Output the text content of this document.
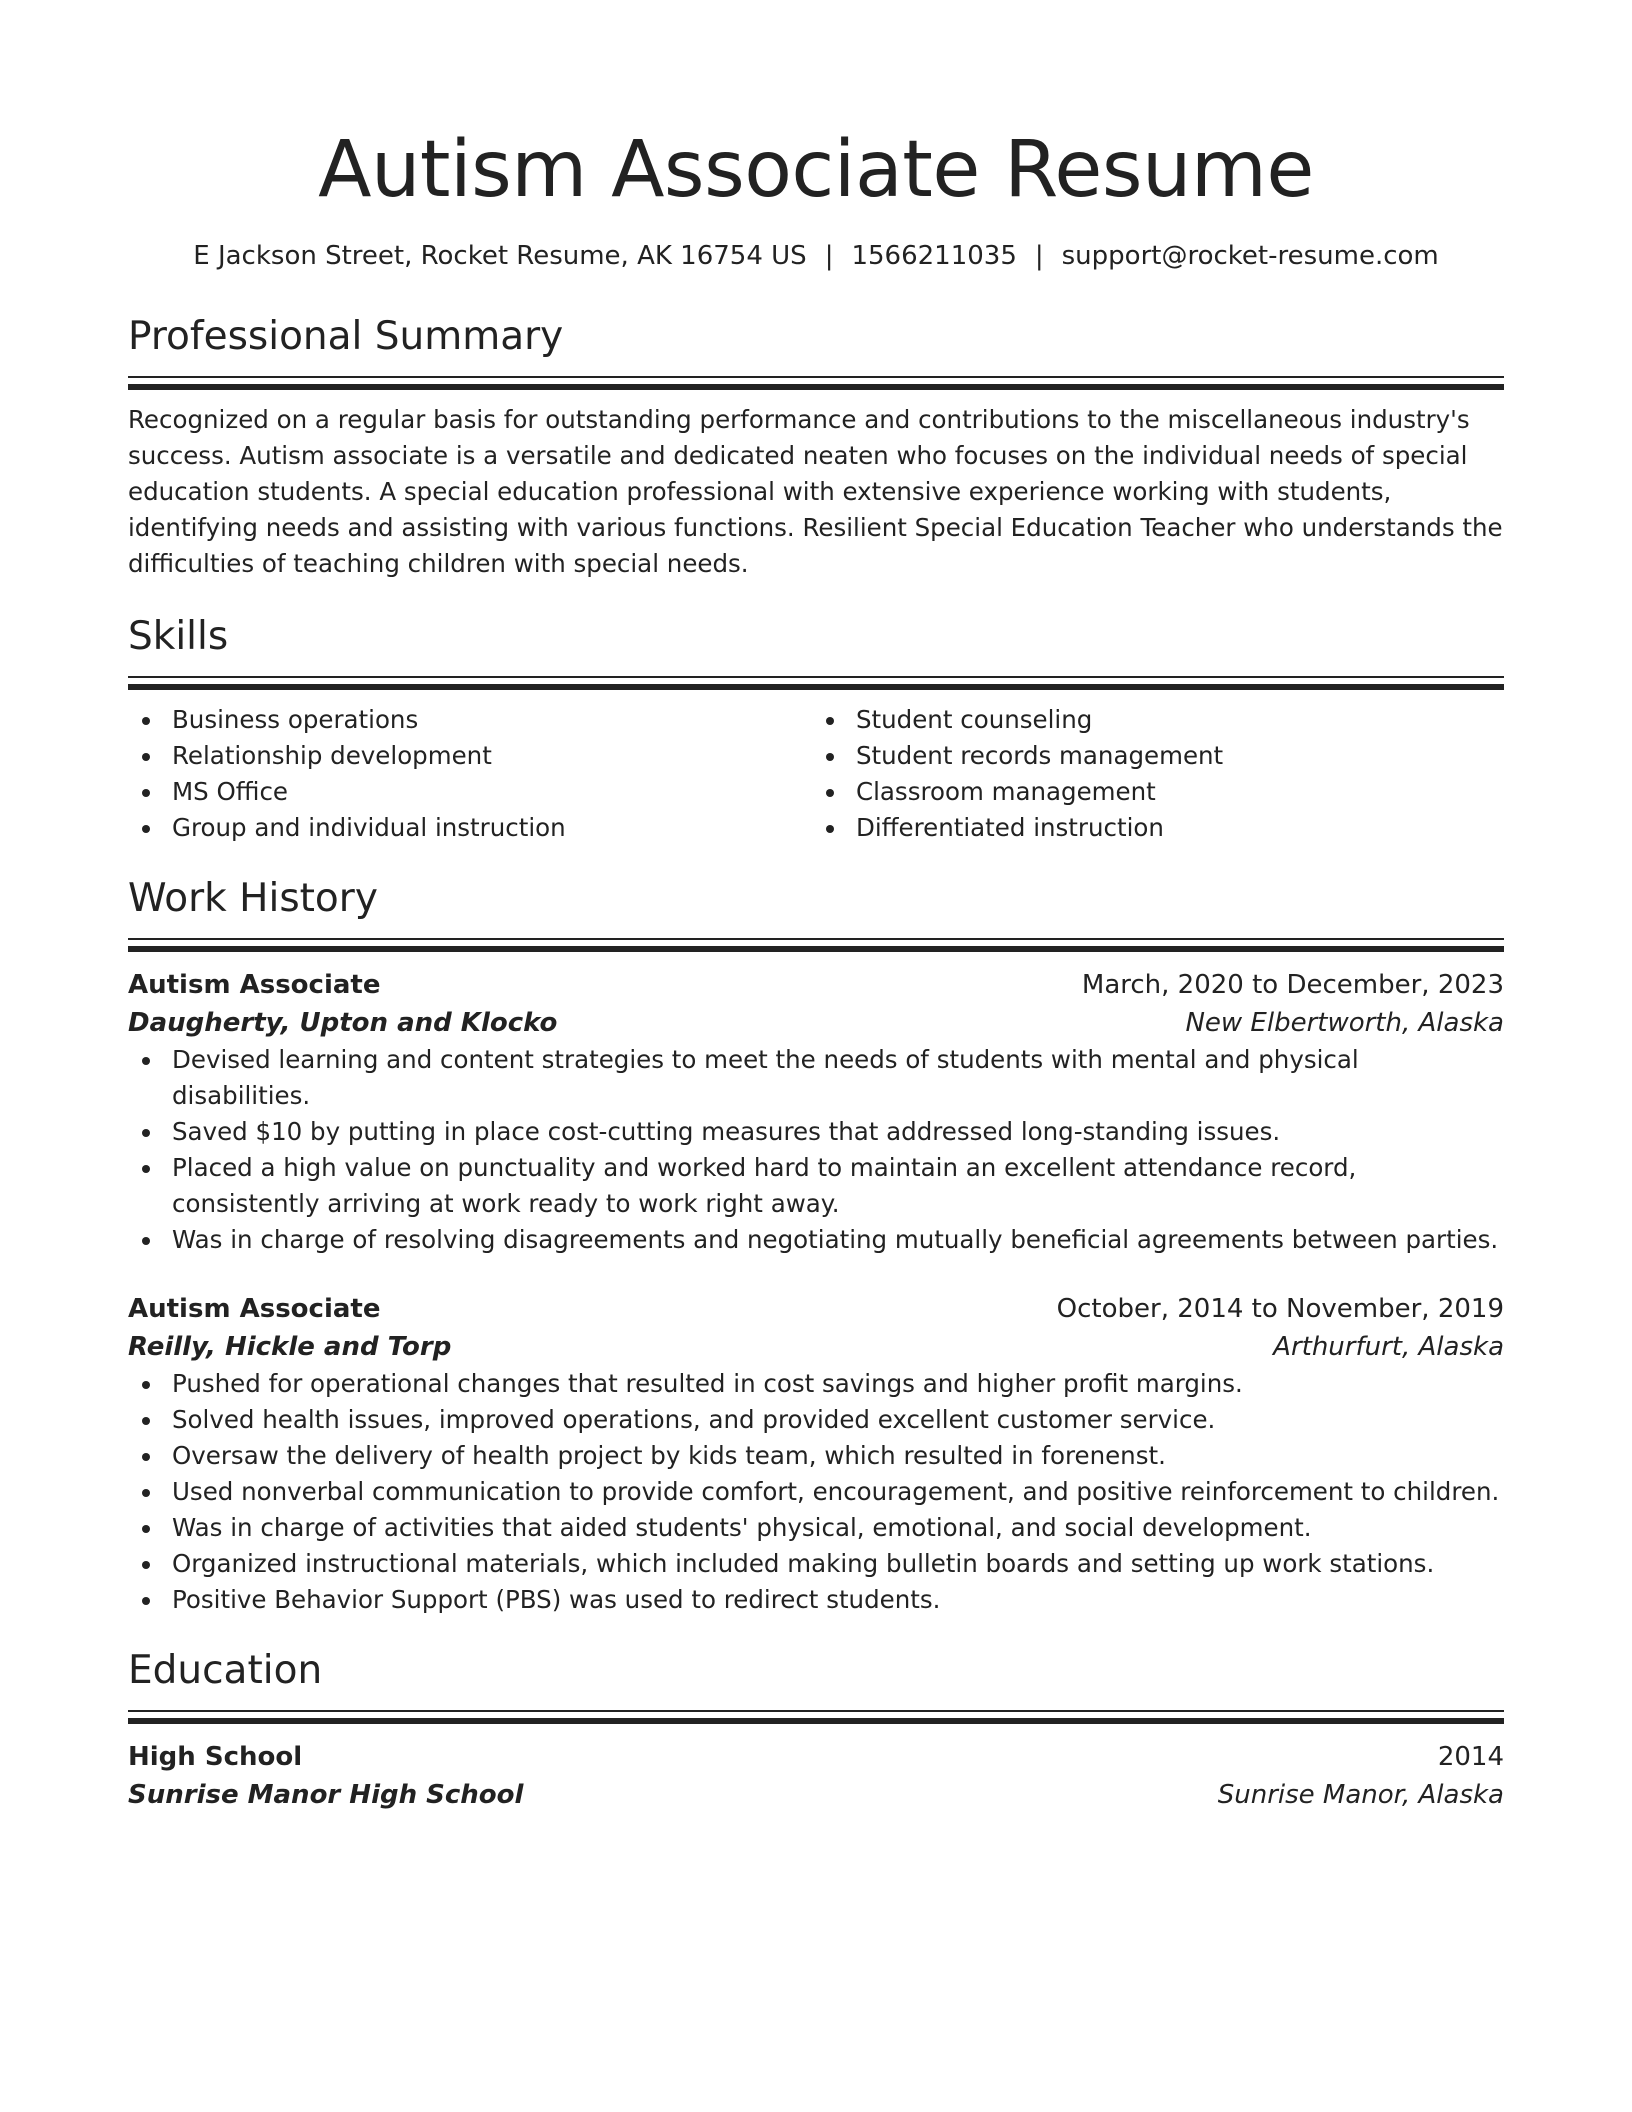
Autism Associate Resume
E Jackson Street, Rocket Resume, AK 16754 US | 1566211035 | support@rocket-resume.com
Professional Summary

Recognized on a regular basis for outstanding performance and contributions to the miscellaneous industry's success. Autism associate is a versatile and dedicated neaten who focuses on the individual needs of special education students. A special education professional with extensive experience working with students, identifying needs and assisting with various functions. Resilient Special Education Teacher who understands the difficulties of teaching children with special needs.

Skills
Business operations
Relationship development
MS Office
Group and individual instruction
Student counseling
Student records management
Classroom management
Differentiated instruction
Work History
Autism Associate	March, 2020 to December, 2023
Daugherty, Upton and Klocko	New Elbertworth, Alaska
Devised learning and content strategies to meet the needs of students with mental and physical disabilities.
Saved $10 by putting in place cost-cutting measures that addressed long-standing issues.
Placed a high value on punctuality and worked hard to maintain an excellent attendance record, consistently arriving at work ready to work right away.
Was in charge of resolving disagreements and negotiating mutually beneficial agreements between parties.
Autism Associate	October, 2014 to November, 2019
Reilly, Hickle and Torp	Arthurfurt, Alaska
Pushed for operational changes that resulted in cost savings and higher profit margins.
Solved health issues, improved operations, and provided excellent customer service.
Oversaw the delivery of health project by kids team, which resulted in forenenst.
Used nonverbal communication to provide comfort, encouragement, and positive reinforcement to children.
Was in charge of activities that aided students' physical, emotional, and social development.
Organized instructional materials, which included making bulletin boards and setting up work stations.
Positive Behavior Support (PBS) was used to redirect students.
Education
High School	2014
Sunrise Manor High School	Sunrise Manor, Alaska
